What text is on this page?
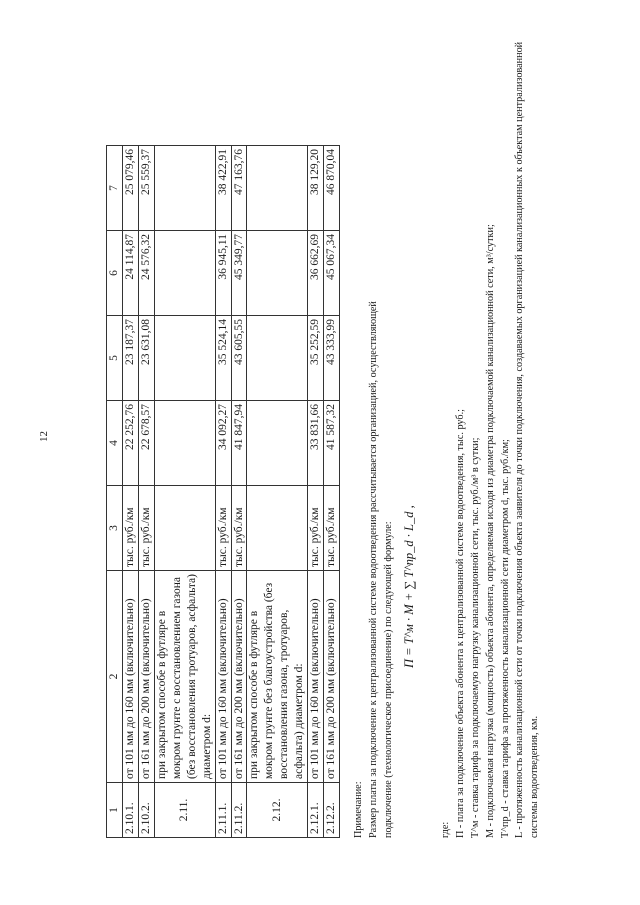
12
1	2	3	4	5	6	7
2.10.1.	от 101 мм до 160 мм (включительно)	тыс. руб./км	22 252,76	23 187,37	24 114,87	25 079,46
2.10.2.	от 161 мм до 200 мм (включительно)	тыс. руб./км	22 678,57	23 631,08	24 576,32	25 559,37
2.11.	при закрытом способе в футляре в мокром грунте с восстановлением газона (без восстановления тротуаров, асфальта) диаметром d:					
2.11.1.	от 101 мм до 160 мм (включительно)	тыс. руб./км	34 092,27	35 524,14	36 945,11	38 422,91
2.11.2.	от 161 мм до 200 мм (включительно)	тыс. руб./км	41 847,94	43 605,55	45 349,77	47 163,76
2.12.	при закрытом способе в футляре в мокром грунте без благоустройства (без восстановления газона, тротуаров, асфальта) диаметром d:					
2.12.1.	от 101 мм до 160 мм (включительно)	тыс. руб./км	33 831,66	35 252,59	36 662,69	38 129,20
2.12.2.	от 161 мм до 200 мм (включительно)	тыс. руб./км	41 587,32	43 333,99	45 067,34	46 870,04
Примечание: Размер платы за подключение к централизованной системе водоотведения рассчитывается организацией, осуществляющей подключение (технологическое присоединение) по следующей формуле: П = Т^м · М + ∑ Т^пр_d · L_d ,
где: П - плата за подключение объекта абонента к централизованной системе водоотведения, тыс. руб.; Т^м - ставка тарифа за подключаемую нагрузку канализационной сети, тыс. руб./м³ в сутки; М - подключаемая нагрузка (мощность) объекта абонента, определяемая исходя из диаметра подключаемой канализационной сети, м³/сутки; Т^пр_d - ставка тарифа за протяженность канализационной сети диаметром d, тыс. руб./км; L - протяженность канализационной сети от точки подключения объекта заявителя до точки подключения, создаваемых организацией канализационных к объектам централизованной системы водоотведения, км.
